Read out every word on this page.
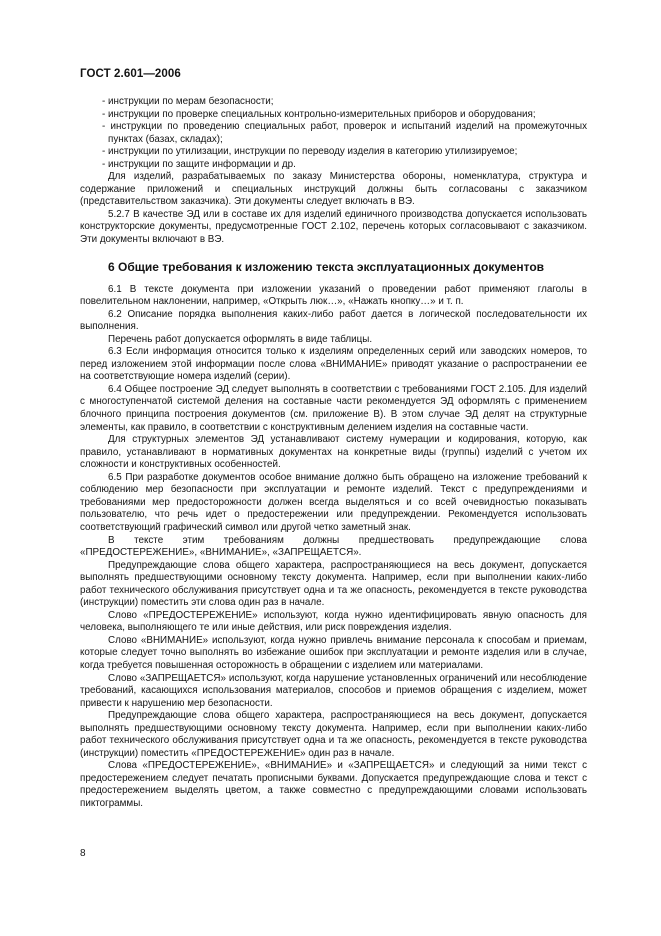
ГОСТ 2.601—2006

- инструкции по мерам безопасности;

- инструкции по проверке специальных контрольно-измерительных приборов и оборудования;

- инструкции по проведению специальных работ, проверок и испытаний изделий на промежуточных пунктах (базах, складах);

- инструкции по утилизации, инструкции по переводу изделия в категорию утилизируемое;

- инструкции по защите информации и др.

Для изделий, разрабатываемых по заказу Министерства обороны, номенклатура, структура и содержание приложений и специальных инструкций должны быть согласованы с заказчиком (представительством заказчика). Эти документы следует включать в ВЭ.

5.2.7 В качестве ЭД или в составе их для изделий единичного производства допускается использовать конструкторские документы, предусмотренные ГОСТ 2.102, перечень которых согласовывают с заказчиком. Эти документы включают в ВЭ.

6 Общие требования к изложению текста эксплуатационных документов

6.1 В тексте документа при изложении указаний о проведении работ применяют глаголы в повелительном наклонении, например, «Открыть люк…», «Нажать кнопку…» и т. п.

6.2 Описание порядка выполнения каких-либо работ дается в логической последовательности их выполнения.

Перечень работ допускается оформлять в виде таблицы.

6.3 Если информация относится только к изделиям определенных серий или заводских номеров, то перед изложением этой информации после слова «ВНИМАНИЕ» приводят указание о распространении ее на соответствующие номера изделий (серии).

6.4 Общее построение ЭД следует выполнять в соответствии с требованиями ГОСТ 2.105. Для изделий с многоступенчатой системой деления на составные части рекомендуется ЭД оформлять с применением блочного принципа построения документов (см. приложение В). В этом случае ЭД делят на структурные элементы, как правило, в соответствии с конструктивным делением изделия на составные части.

Для структурных элементов ЭД устанавливают систему нумерации и кодирования, которую, как правило, устанавливают в нормативных документах на конкретные виды (группы) изделий с учетом их сложности и конструктивных особенностей.

6.5 При разработке документов особое внимание должно быть обращено на изложение требований к соблюдению мер безопасности при эксплуатации и ремонте изделий. Текст с предупреждениями и требованиями мер предосторожности должен всегда выделяться и со всей очевидностью показывать пользователю, что речь идет о предостережении или предупреждении. Рекомендуется использовать соответствующий графический символ или другой четко заметный знак.

В тексте этим требованиям должны предшествовать предупреждающие слова «ПРЕДОСТЕРЕЖЕНИЕ», «ВНИМАНИЕ», «ЗАПРЕЩАЕТСЯ».

Предупреждающие слова общего характера, распространяющиеся на весь документ, допускается выполнять предшествующими основному тексту документа. Например, если при выполнении каких-либо работ технического обслуживания присутствует одна и та же опасность, рекомендуется в тексте руководства (инструкции) поместить эти слова один раз в начале.

Слово «ПРЕДОСТЕРЕЖЕНИЕ» используют, когда нужно идентифицировать явную опасность для человека, выполняющего те или иные действия, или риск повреждения изделия.

Слово «ВНИМАНИЕ» используют, когда нужно привлечь внимание персонала к способам и приемам, которые следует точно выполнять во избежание ошибок при эксплуатации и ремонте изделия или в случае, когда требуется повышенная осторожность в обращении с изделием или материалами.

Слово «ЗАПРЕЩАЕТСЯ» используют, когда нарушение установленных ограничений или несоблюдение требований, касающихся использования материалов, способов и приемов обращения с изделием, может привести к нарушению мер безопасности.

Предупреждающие слова общего характера, распространяющиеся на весь документ, допускается выполнять предшествующими основному тексту документа. Например, если при выполнении каких-либо работ технического обслуживания присутствует одна и та же опасность, рекомендуется в тексте руководства (инструкции) поместить «ПРЕДОСТЕРЕЖЕНИЕ» один раз в начале.

Слова «ПРЕДОСТЕРЕЖЕНИЕ», «ВНИМАНИЕ» и «ЗАПРЕЩАЕТСЯ» и следующий за ними текст с предостережением следует печатать прописными буквами. Допускается предупреждающие слова и текст с предостережением выделять цветом, а также совместно с предупреждающими словами использовать пиктограммы.

8
